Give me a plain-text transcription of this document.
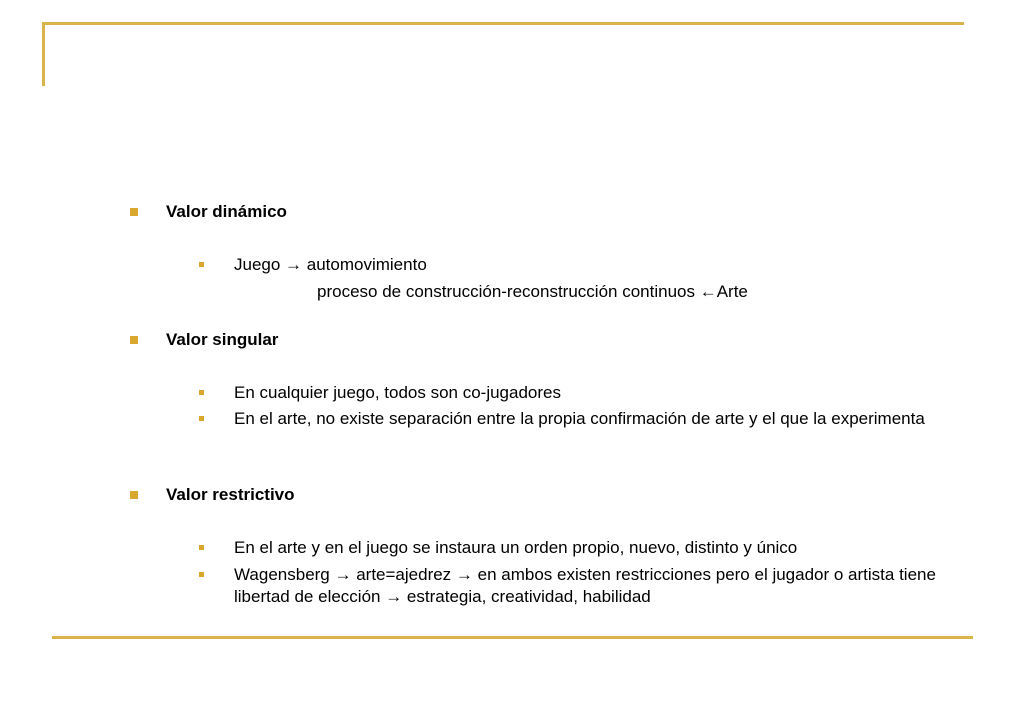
Valor dinámico
Juego → automovimiento
proceso de construcción-reconstrucción continuos ←Arte
Valor singular
En cualquier juego, todos son co-jugadores
En el arte, no existe separación entre la propia confirmación de arte y el que la experimenta
Valor restrictivo
En el arte y en el juego se instaura un orden propio, nuevo, distinto y único
Wagensberg → arte=ajedrez → en ambos existen restricciones pero el jugador o artista tiene libertad de elección → estrategia, creatividad, habilidad
